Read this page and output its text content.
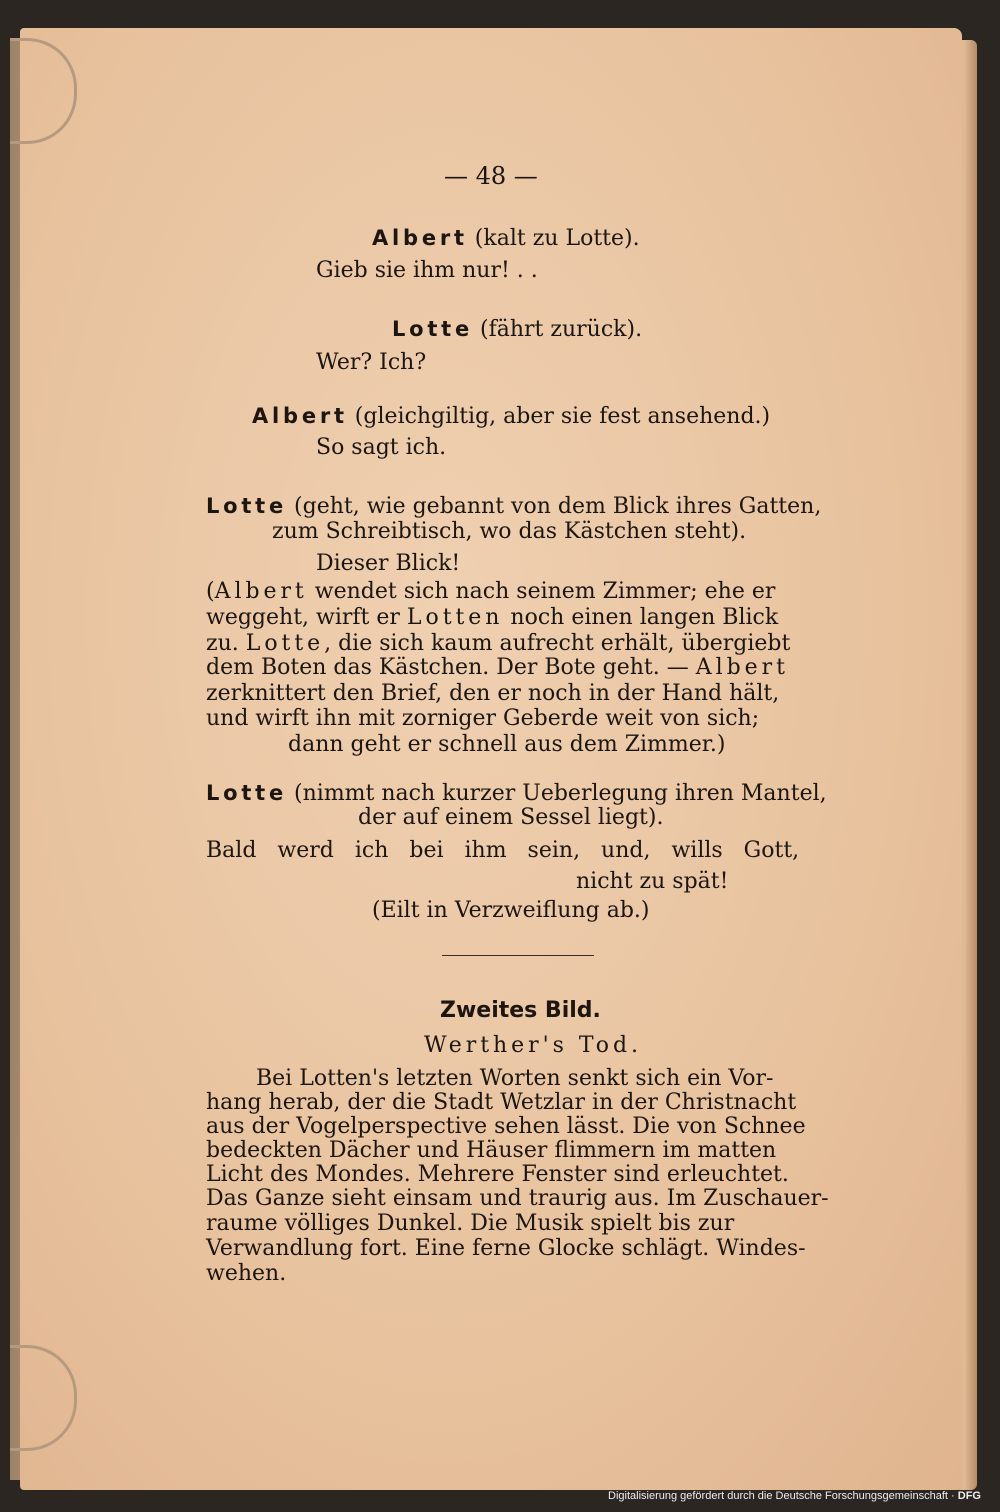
— 48 —
Albert (kalt zu Lotte).
Gieb sie ihm nur! . .
Lotte (fährt zurück).
Wer? Ich?
Albert (gleichgiltig, aber sie fest ansehend.)
So sagt ich.
Lotte (geht, wie gebannt von dem Blick ihres Gatten,
zum Schreibtisch, wo das Kästchen steht).
Dieser Blick!
(Albert wendet sich nach seinem Zimmer; ehe er
weggeht, wirft er Lotten noch einen langen Blick
zu. Lotte, die sich kaum aufrecht erhält, übergiebt
dem Boten das Kästchen. Der Bote geht. — Albert
zerknittert den Brief, den er noch in der Hand hält,
und wirft ihn mit zorniger Geberde weit von sich;
dann geht er schnell aus dem Zimmer.)
Lotte (nimmt nach kurzer Ueberlegung ihren Mantel,
der auf einem Sessel liegt).
Bald werd ich bei ihm sein, und, wills Gott,
nicht zu spät!
(Eilt in Verzweiflung ab.)
Zweites Bild.
Werther's Tod.
Bei Lotten's letzten Worten senkt sich ein Vor-
hang herab, der die Stadt Wetzlar in der Christnacht
aus der Vogelperspective sehen lässt. Die von Schnee
bedeckten Dächer und Häuser flimmern im matten
Licht des Mondes. Mehrere Fenster sind erleuchtet.
Das Ganze sieht einsam und traurig aus. Im Zuschauer-
raume völliges Dunkel. Die Musik spielt bis zur
Verwandlung fort. Eine ferne Glocke schlägt. Windes-
wehen.
Digitalisierung gefördert durch die Deutsche Forschungsgemeinschaft · DFG
